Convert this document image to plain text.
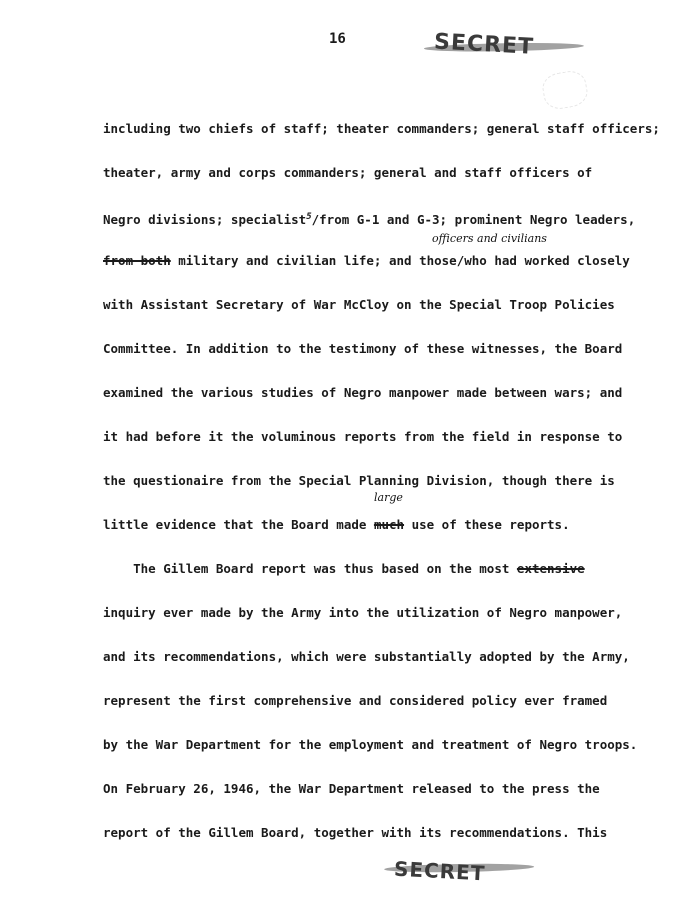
16	SECRET
including two chiefs of staff; theater commanders; general staff officers;
theater, army and corps commanders; general and staff officers of
Negro divisions; specialist$^5$/from G-1 and G-3; prominent Negro leaders,
officers and civilians
from both military and civilian life; and those/who had worked closely
with Assistant Secretary of War McCloy on the Special Troop Policies
Committee. In addition to the testimony of these witnesses, the Board
examined the various studies of Negro manpower made between wars; and
it had before it the voluminous reports from the field in response to
the questionaire from the Special Planning Division, though there is
large
little evidence that the Board made much use of these reports.
The Gillem Board report was thus based on the most extensive
inquiry ever made by the Army into the utilization of Negro manpower,
and its recommendations, which were substantially adopted by the Army,
represent the first comprehensive and considered policy ever framed
by the War Department for the employment and treatment of Negro troops.
On February 26, 1946, the War Department released to the press the
report of the Gillem Board, together with its recommendations. This
SECRET
